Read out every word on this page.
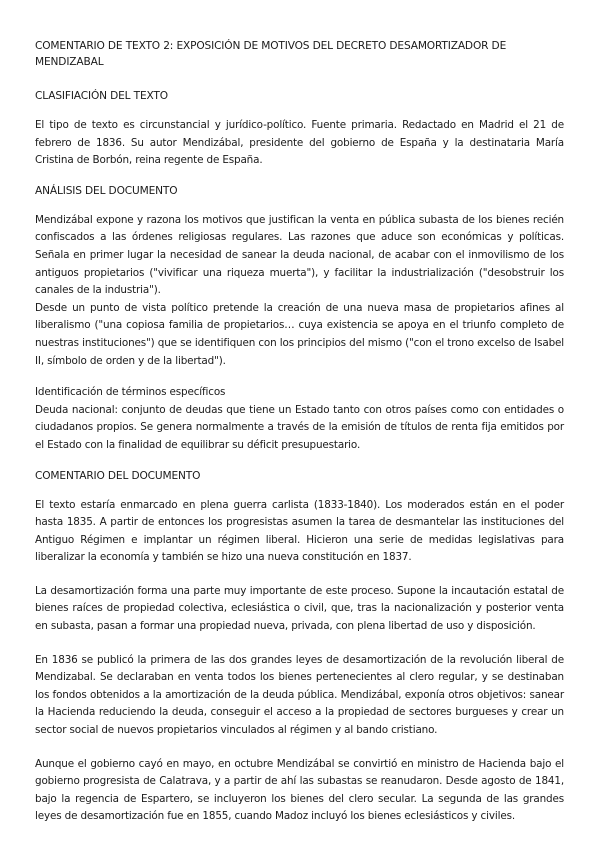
COMENTARIO DE TEXTO 2: EXPOSICIÓN DE MOTIVOS DEL DECRETO DESAMORTIZADOR DE MENDIZABAL
CLASIFIACIÓN DEL TEXTO

El tipo de texto es circunstancial y jurídico-político. Fuente primaria. Redactado en Madrid el 21 de febrero de 1836. Su autor Mendizábal, presidente del gobierno de España y la destinataria María Cristina de Borbón, reina regente de España.

ANÁLISIS DEL DOCUMENTO

Mendizábal expone y razona los motivos que justifican la venta en pública subasta de los bienes recién confiscados a las órdenes religiosas regulares. Las razones que aduce son económicas y políticas. Señala en primer lugar la necesidad de sanear la deuda nacional, de acabar con el inmovilismo de los antiguos propietarios ("vivificar una riqueza muerta"), y facilitar la industrialización ("desobstruir los canales de la industria").

Desde un punto de vista político pretende la creación de una nueva masa de propietarios afines al liberalismo ("una copiosa familia de propietarios… cuya existencia se apoya en el triunfo completo de nuestras instituciones") que se identifiquen con los principios del mismo ("con el trono excelso de Isabel II, símbolo de orden y de la libertad").

Identificación de términos específicos

Deuda nacional: conjunto de deudas que tiene un Estado tanto con otros países como con entidades o ciudadanos propios. Se genera normalmente a través de la emisión de títulos de renta fija emitidos por el Estado con la finalidad de equilibrar su déficit presupuestario.

COMENTARIO DEL DOCUMENTO

El texto estaría enmarcado en plena guerra carlista (1833-1840). Los moderados están en el poder hasta 1835. A partir de entonces los progresistas asumen la tarea de desmantelar las instituciones del Antiguo Régimen e implantar un régimen liberal. Hicieron una serie de medidas legislativas para liberalizar la economía y también se hizo una nueva constitución en 1837.

La desamortización forma una parte muy importante de este proceso. Supone la incautación estatal de bienes raíces de propiedad colectiva, eclesiástica o civil, que, tras la nacionalización y posterior venta en subasta, pasan a formar una propiedad nueva, privada, con plena libertad de uso y disposición.

En 1836 se publicó la primera de las dos grandes leyes de desamortización de la revolución liberal de Mendizabal. Se declaraban en venta todos los bienes pertenecientes al clero regular, y se destinaban los fondos obtenidos a la amortización de la deuda pública. Mendizábal, exponía otros objetivos: sanear la Hacienda reduciendo la deuda, conseguir el acceso a la propiedad de sectores burgueses y crear un sector social de nuevos propietarios vinculados al régimen y al bando cristiano.

Aunque el gobierno cayó en mayo, en octubre Mendizábal se convirtió en ministro de Hacienda bajo el gobierno progresista de Calatrava, y a partir de ahí las subastas se reanudaron. Desde agosto de 1841, bajo la regencia de Espartero, se incluyeron los bienes del clero secular. La segunda de las grandes leyes de desamortización fue en 1855, cuando Madoz incluyó los bienes eclesiásticos y civiles.
